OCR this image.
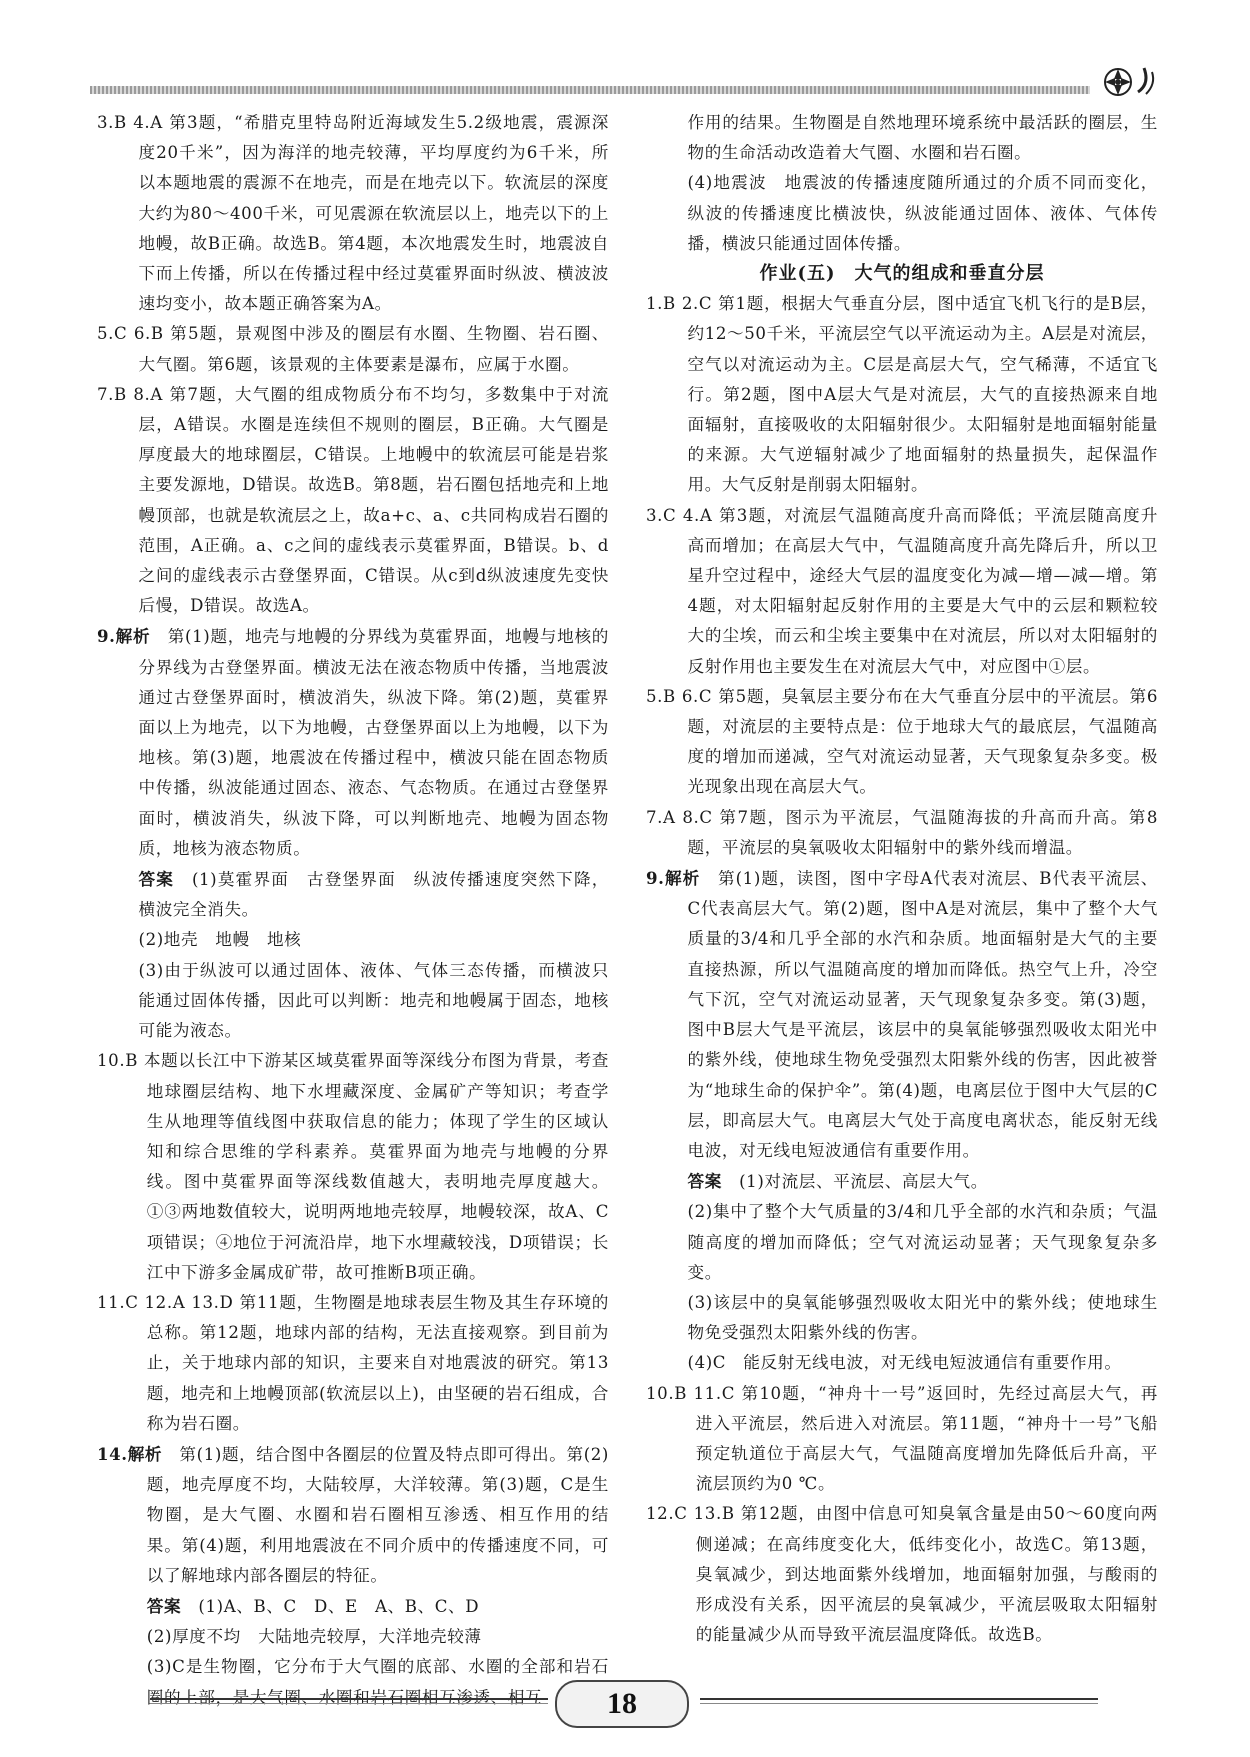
3.B 4.A 第3题，“希腊克里特岛附近海域发生5.2级地震，震源深度20千米”，因为海洋的地壳较薄，平均厚度约为6千米，所以本题地震的震源不在地壳，而是在地壳以下。软流层的深度大约为80～400千米，可见震源在软流层以上，地壳以下的上地幔，故B正确。故选B。第4题，本次地震发生时，地震波自下而上传播，所以在传播过程中经过莫霍界面时纵波、横波波速均变小，故本题正确答案为A。

5.C 6.B 第5题，景观图中涉及的圈层有水圈、生物圈、岩石圈、大气圈。第6题，该景观的主体要素是瀑布，应属于水圈。

7.B 8.A 第7题，大气圈的组成物质分布不均匀，多数集中于对流层，A错误。水圈是连续但不规则的圈层，B正确。大气圈是厚度最大的地球圈层，C错误。上地幔中的软流层可能是岩浆主要发源地，D错误。故选B。第8题，岩石圈包括地壳和上地幔顶部，也就是软流层之上，故a+c、a、c共同构成岩石圈的范围，A正确。a、c之间的虚线表示莫霍界面，B错误。b、d之间的虚线表示古登堡界面，C错误。从c到d纵波速度先变快后慢，D错误。故选A。

9.解析　 第(1)题，地壳与地幔的分界线为莫霍界面，地幔与地核的分界线为古登堡界面。横波无法在液态物质中传播，当地震波通过古登堡界面时，横波消失，纵波下降。第(2)题，莫霍界面以上为地壳，以下为地幔，古登堡界面以上为地幔，以下为地核。第(3)题，地震波在传播过程中，横波只能在固态物质中传播，纵波能通过固态、液态、气态物质。在通过古登堡界面时，横波消失，纵波下降，可以判断地壳、地幔为固态物质，地核为液态物质。

答案　 (1)莫霍界面　古登堡界面　纵波传播速度突然下降，横波完全消失。

(2)地壳　地幔　地核

(3)由于纵波可以通过固体、液体、气体三态传播，而横波只能通过固体传播，因此可以判断：地壳和地幔属于固态，地核可能为液态。

10.B 本题以长江中下游某区域莫霍界面等深线分布图为背景，考查地球圈层结构、地下水埋藏深度、金属矿产等知识；考查学生从地理等值线图中获取信息的能力；体现了学生的区域认知和综合思维的学科素养。莫霍界面为地壳与地幔的分界线。图中莫霍界面等深线数值越大，表明地壳厚度越大。①③两地数值较大，说明两地地壳较厚，地幔较深，故A、C项错误；④地位于河流沿岸，地下水埋藏较浅，D项错误；长江中下游多金属成矿带，故可推断B项正确。

11.C 12.A 13.D 第11题，生物圈是地球表层生物及其生存环境的总称。第12题，地球内部的结构，无法直接观察。到目前为止，关于地球内部的知识，主要来自对地震波的研究。第13题，地壳和上地幔顶部(软流层以上)，由坚硬的岩石组成，合称为岩石圈。

14.解析　 第(1)题，结合图中各圈层的位置及特点即可得出。第(2)题，地壳厚度不均，大陆较厚，大洋较薄。第(3)题，C是生物圈，是大气圈、水圈和岩石圈相互渗透、相互作用的结果。第(4)题，利用地震波在不同介质中的传播速度不同，可以了解地球内部各圈层的特征。

答案　 (1)A、B、C　D、E　A、B、C、D

(2)厚度不均　大陆地壳较厚，大洋地壳较薄

(3)C是生物圈，它分布于大气圈的底部、水圈的全部和岩石圈的上部，是大气圈、水圈和岩石圈相互渗透、相互

作用的结果。生物圈是自然地理环境系统中最活跃的圈层，生物的生命活动改造着大气圈、水圈和岩石圈。

(4)地震波　地震波的传播速度随所通过的介质不同而变化，纵波的传播速度比横波快，纵波能通过固体、液体、气体传播，横波只能通过固体传播。

作业(五)　大气的组成和垂直分层

1.B 2.C 第1题，根据大气垂直分层，图中适宜飞机飞行的是B层，约12～50千米，平流层空气以平流运动为主。A层是对流层，空气以对流运动为主。C层是高层大气，空气稀薄，不适宜飞行。第2题，图中A层大气是对流层，大气的直接热源来自地面辐射，直接吸收的太阳辐射很少。太阳辐射是地面辐射能量的来源。大气逆辐射减少了地面辐射的热量损失，起保温作用。大气反射是削弱太阳辐射。

3.C 4.A 第3题，对流层气温随高度升高而降低；平流层随高度升高而增加；在高层大气中，气温随高度升高先降后升，所以卫星升空过程中，途经大气层的温度变化为减—增—减—增。第4题，对太阳辐射起反射作用的主要是大气中的云层和颗粒较大的尘埃，而云和尘埃主要集中在对流层，所以对太阳辐射的反射作用也主要发生在对流层大气中，对应图中①层。

5.B 6.C 第5题，臭氧层主要分布在大气垂直分层中的平流层。第6题，对流层的主要特点是：位于地球大气的最底层，气温随高度的增加而递减，空气对流运动显著，天气现象复杂多变。极光现象出现在高层大气。

7.A 8.C 第7题，图示为平流层，气温随海拔的升高而升高。第8题，平流层的臭氧吸收太阳辐射中的紫外线而增温。

9.解析　 第(1)题，读图，图中字母A代表对流层、B代表平流层、C代表高层大气。第(2)题，图中A是对流层，集中了整个大气质量的3/4和几乎全部的水汽和杂质。地面辐射是大气的主要直接热源，所以气温随高度的增加而降低。热空气上升，冷空气下沉，空气对流运动显著，天气现象复杂多变。第(3)题，图中B层大气是平流层，该层中的臭氧能够强烈吸收太阳光中的紫外线，使地球生物免受强烈太阳紫外线的伤害，因此被誉为“地球生命的保护伞”。第(4)题，电离层位于图中大气层的C层，即高层大气。电离层大气处于高度电离状态，能反射无线电波，对无线电短波通信有重要作用。

答案　 (1)对流层、平流层、高层大气。

(2)集中了整个大气质量的3/4和几乎全部的水汽和杂质；气温随高度的增加而降低；空气对流运动显著；天气现象复杂多变。

(3)该层中的臭氧能够强烈吸收太阳光中的紫外线；使地球生物免受强烈太阳紫外线的伤害。

(4)C　能反射无线电波，对无线电短波通信有重要作用。

10.B 11.C 第10题，“神舟十一号”返回时，先经过高层大气，再进入平流层，然后进入对流层。第11题，“神舟十一号”飞船预定轨道位于高层大气，气温随高度增加先降低后升高，平流层顶约为0 ℃。

12.C 13.B 第12题，由图中信息可知臭氧含量是由50～60度向两侧递减；在高纬度变化大，低纬变化小，故选C。第13题，臭氧减少，到达地面紫外线增加，地面辐射加强，与酸雨的形成没有关系，因平流层的臭氧减少，平流层吸取太阳辐射的能量减少从而导致平流层温度降低。故选B。

18
